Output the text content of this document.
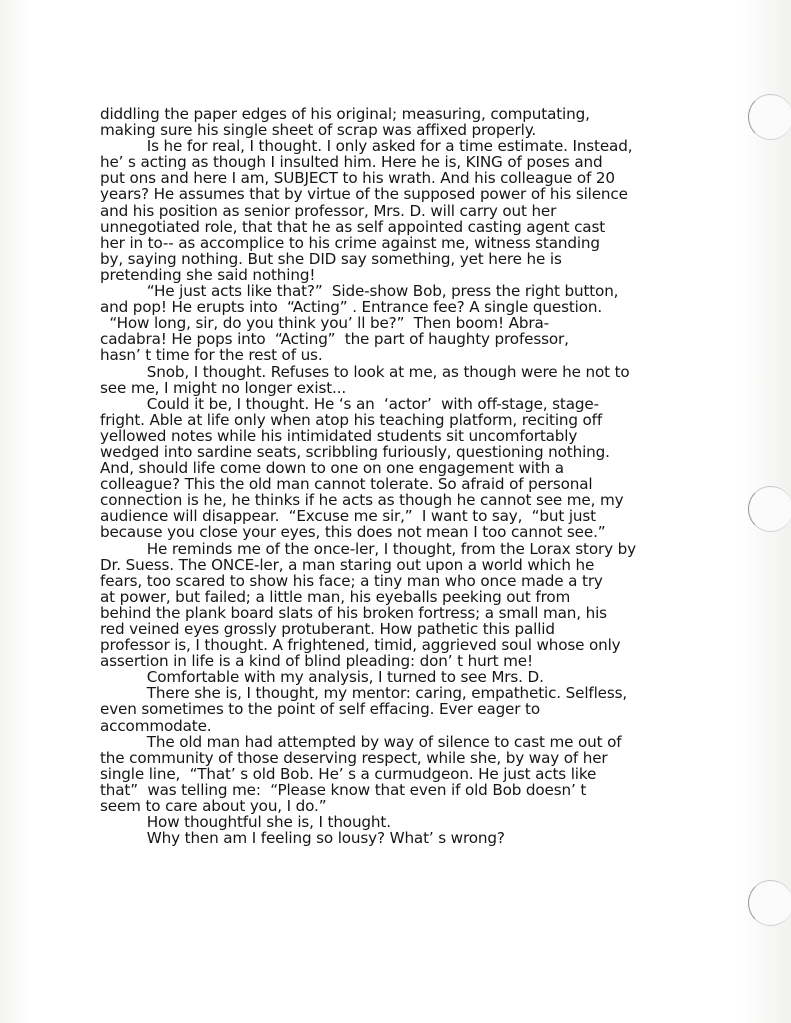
diddling the paper edges of his original; measuring, computating,
making sure his single sheet of scrap was affixed properly.
Is he for real, I thought. I only asked for a time estimate. Instead,
he’ s acting as though I insulted him. Here he is, KING of poses and
put ons and here I am, SUBJECT to his wrath. And his colleague of 20
years? He assumes that by virtue of the supposed power of his silence
and his position as senior professor, Mrs. D. will carry out her
unnegotiated role, that that he as self appointed casting agent cast
her in to-- as accomplice to his crime against me, witness standing
by, saying nothing. But she DID say something, yet here he is
pretending she said nothing!
“He just acts like that?”  Side-show Bob, press the right button,
and pop! He erupts into  “Acting” . Entrance fee? A single question.
“How long, sir, do you think you’ ll be?”  Then boom! Abra-
cadabra! He pops into  “Acting”  the part of haughty professor,
hasn’ t time for the rest of us.
Snob, I thought. Refuses to look at me, as though were he not to
see me, I might no longer exist...
Could it be, I thought. He ‘s an  ‘actor’  with off-stage, stage-
fright. Able at life only when atop his teaching platform, reciting off
yellowed notes while his intimidated students sit uncomfortably
wedged into sardine seats, scribbling furiously, questioning nothing.
And, should life come down to one on one engagement with a
colleague? This the old man cannot tolerate. So afraid of personal
connection is he, he thinks if he acts as though he cannot see me, my
audience will disappear.  “Excuse me sir,”  I want to say,  “but just
because you close your eyes, this does not mean I too cannot see.”
He reminds me of the once-ler, I thought, from the Lorax story by
Dr. Suess. The ONCE-ler, a man staring out upon a world which he
fears, too scared to show his face; a tiny man who once made a try
at power, but failed; a little man, his eyeballs peeking out from
behind the plank board slats of his broken fortress; a small man, his
red veined eyes grossly protuberant. How pathetic this pallid
professor is, I thought. A frightened, timid, aggrieved soul whose only
assertion in life is a kind of blind pleading: don’ t hurt me!
Comfortable with my analysis, I turned to see Mrs. D.
There she is, I thought, my mentor: caring, empathetic. Selfless,
even sometimes to the point of self effacing. Ever eager to
accommodate.
The old man had attempted by way of silence to cast me out of
the community of those deserving respect, while she, by way of her
single line,  “That’ s old Bob. He’ s a curmudgeon. He just acts like
that”  was telling me:  “Please know that even if old Bob doesn’ t
seem to care about you, I do.”
How thoughtful she is, I thought.
Why then am I feeling so lousy? What’ s wrong?
